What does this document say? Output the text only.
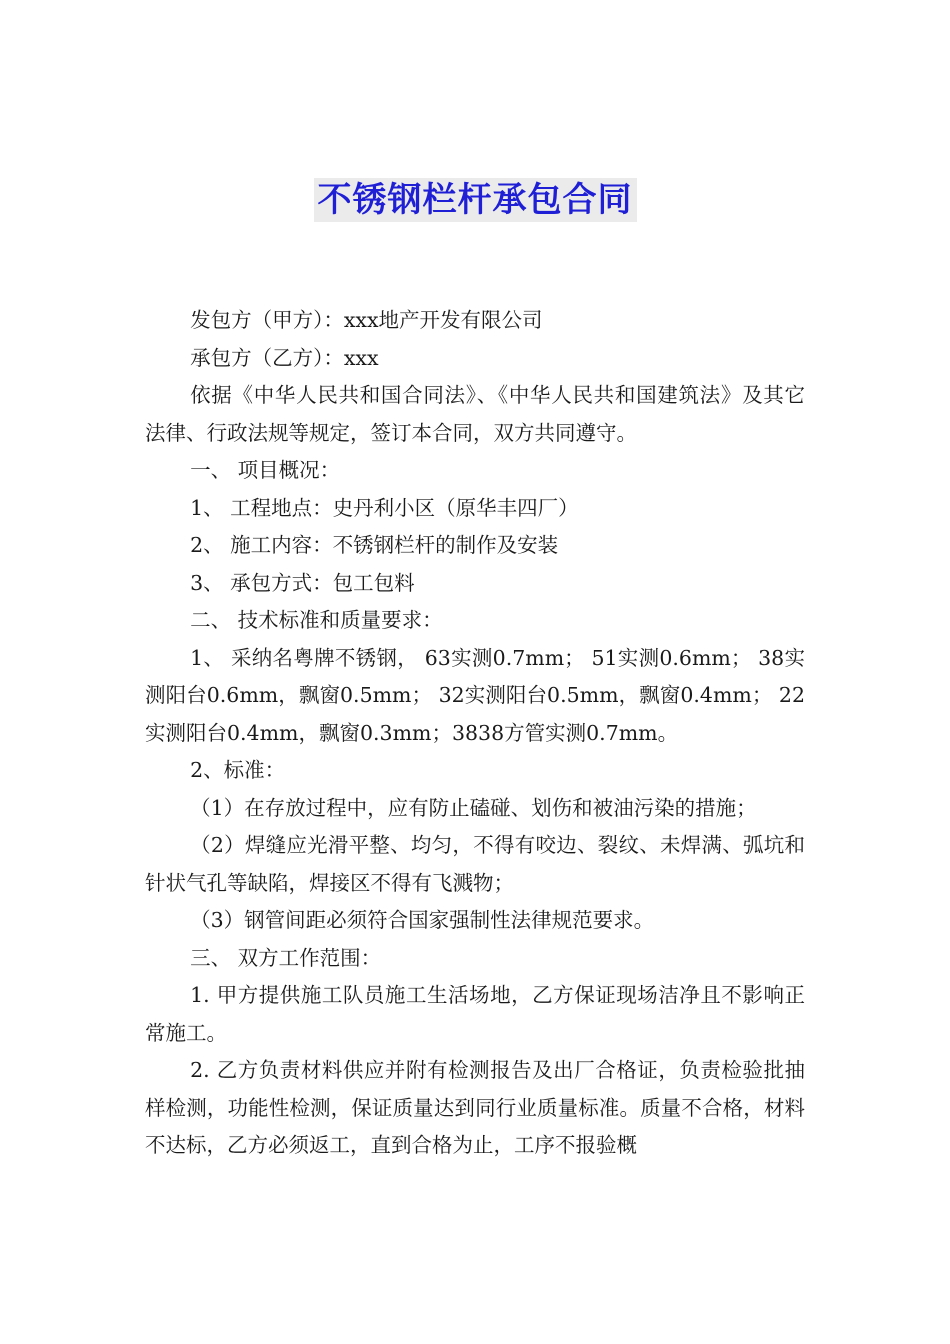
不锈钢栏杆承包合同

发包方（甲方）：xxx地产开发有限公司

承包方（乙方）：xxx

依据《中华人民共和国合同法》、《中华人民共和国建筑法》及其它法律、行政法规等规定，签订本合同，双方共同遵守。

一、 项目概况：

1、 工程地点：史丹利小区（原华丰四厂）

2、 施工内容：不锈钢栏杆的制作及安装

3、 承包方式：包工包料

二、 技术标准和质量要求：

1、 采纳名粤牌不锈钢， 63实测0.7mm； 51实测0.6mm； 38实测阳台0.6mm，飘窗0.5mm； 32实测阳台0.5mm，飘窗0.4mm； 22实测阳台0.4mm，飘窗0.3mm；3838方管实测0.7mm。

2、标准：

（1）在存放过程中，应有防止磕碰、划伤和被油污染的措施；

（2）焊缝应光滑平整、均匀，不得有咬边、裂纹、未焊满、弧坑和针状气孔等缺陷，焊接区不得有飞溅物；

（3）钢管间距必须符合国家强制性法律规范要求。

三、 双方工作范围：

1. 甲方提供施工队员施工生活场地，乙方保证现场洁净且不影响正常施工。

2. 乙方负责材料供应并附有检测报告及出厂合格证，负责检验批抽样检测，功能性检测，保证质量达到同行业质量标准。质量不合格，材料不达标，乙方必须返工，直到合格为止，工序不报验概
